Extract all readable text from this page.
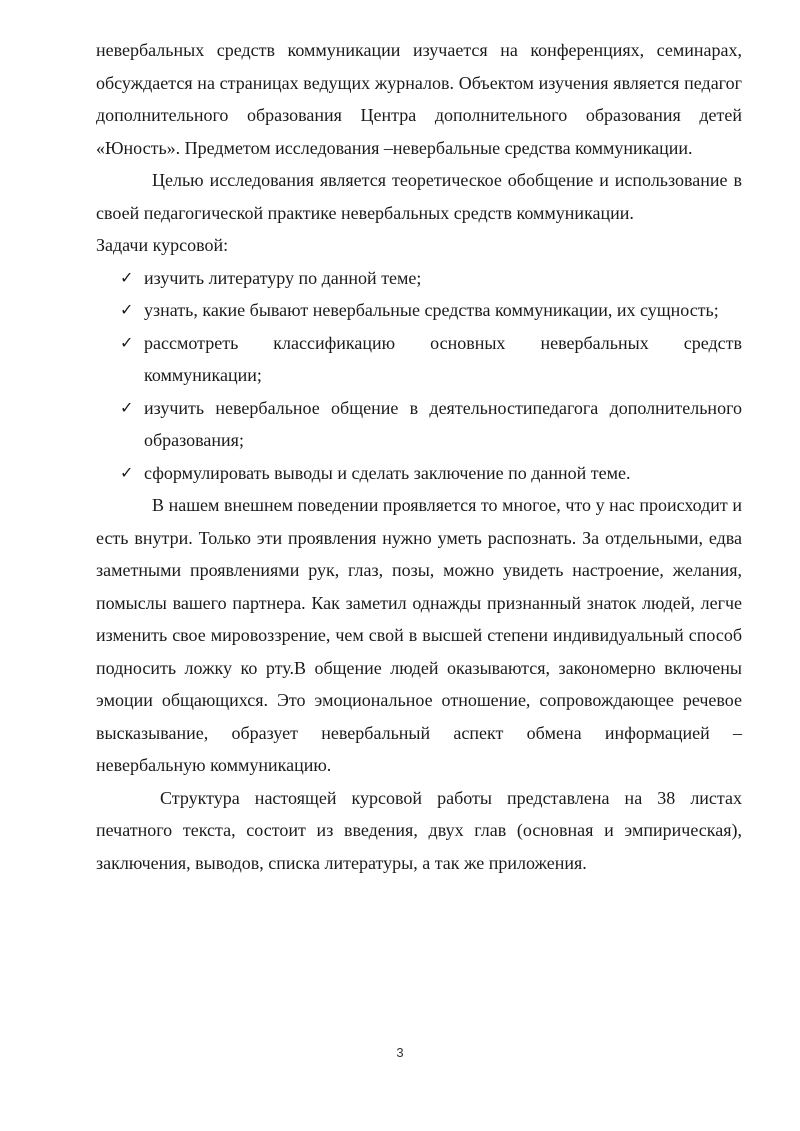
невербальных средств коммуникации изучается на конференциях, семинарах, обсуждается на страницах ведущих журналов. Объектом изучения является педагог дополнительного образования Центра дополнительного образования детей «Юность». Предметом исследования –невербальные средства коммуникации.

Целью исследования является теоретическое обобщение и использование в своей педагогической практике невербальных средств коммуникации.

Задачи курсовой:

✓ изучить литературу по данной теме;
✓ узнать, какие бывают невербальные средства коммуникации, их сущность;
✓ рассмотреть классификацию основных невербальных средств коммуникации;
✓ изучить невербальное общение в деятельностипедагога дополнительного образования;
✓ сформулировать выводы и сделать заключение по данной теме.

В нашем внешнем поведении проявляется то многое, что у нас происходит и есть внутри. Только эти проявления нужно уметь распознать. За отдельными, едва заметными проявлениями рук, глаз, позы, можно увидеть настроение, желания, помыслы вашего партнера. Как заметил однажды признанный знаток людей, легче изменить свое мировоззрение, чем свой в высшей степени индивидуальный способ подносить ложку ко рту.В общение людей оказываются, закономерно включены эмоции общающихся. Это эмоциональное отношение, сопровождающее речевое высказывание, образует невербальный аспект обмена информацией – невербальную коммуникацию.

Структура настоящей курсовой работы представлена на 38 листах печатного текста, состоит из введения, двух глав (основная и эмпирическая), заключения, выводов, списка литературы, а так же приложения.

3
